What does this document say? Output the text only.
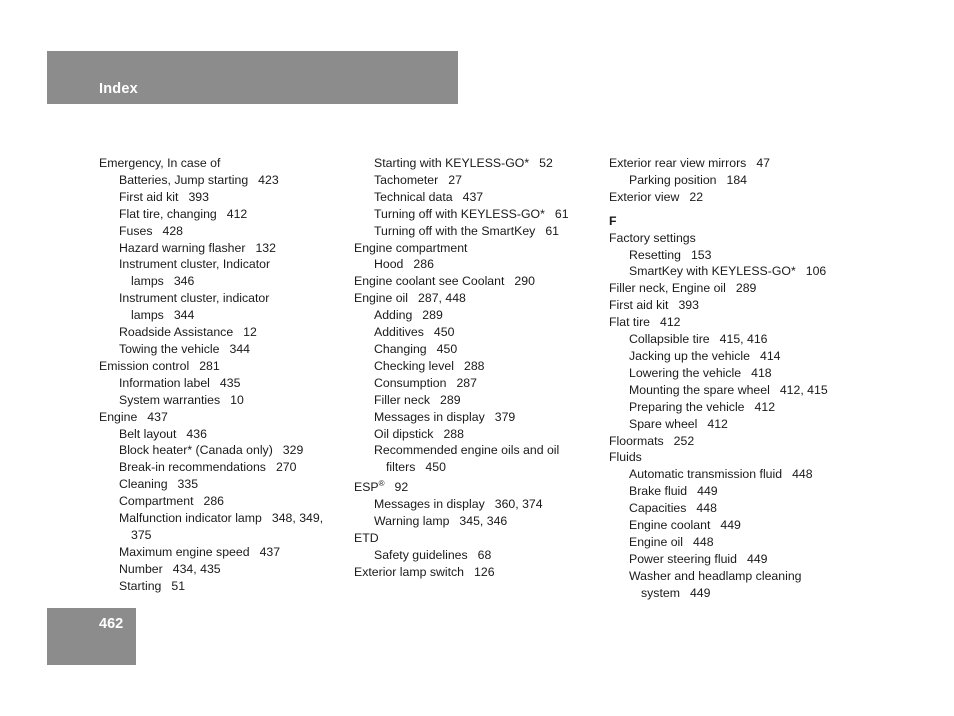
Index
Emergency, In case of
Batteries, Jump starting 423
First aid kit 393
Flat tire, changing 412
Fuses 428
Hazard warning flasher 132
Instrument cluster, Indicator
lamps 346
Instrument cluster, indicator
lamps 344
Roadside Assistance 12
Towing the vehicle 344
Emission control 281
Information label 435
System warranties 10
Engine 437
Belt layout 436
Block heater* (Canada only) 329
Break-in recommendations 270
Cleaning 335
Compartment 286
Malfunction indicator lamp 348, 349,
375
Maximum engine speed 437
Number 434, 435
Starting 51
Starting with KEYLESS-GO* 52
Tachometer 27
Technical data 437
Turning off with KEYLESS-GO* 61
Turning off with the SmartKey 61
Engine compartment
Hood 286
Engine coolant see Coolant 290
Engine oil 287, 448
Adding 289
Additives 450
Changing 450
Checking level 288
Consumption 287
Filler neck 289
Messages in display 379
Oil dipstick 288
Recommended engine oils and oil
filters 450
ESP® 92
Messages in display 360, 374
Warning lamp 345, 346
ETD
Safety guidelines 68
Exterior lamp switch 126
Exterior rear view mirrors 47
Parking position 184
Exterior view 22
F
Factory settings
Resetting 153
SmartKey with KEYLESS-GO* 106
Filler neck, Engine oil 289
First aid kit 393
Flat tire 412
Collapsible tire 415, 416
Jacking up the vehicle 414
Lowering the vehicle 418
Mounting the spare wheel 412, 415
Preparing the vehicle 412
Spare wheel 412
Floormats 252
Fluids
Automatic transmission fluid 448
Brake fluid 449
Capacities 448
Engine coolant 449
Engine oil 448
Power steering fluid 449
Washer and headlamp cleaning
system 449
462
